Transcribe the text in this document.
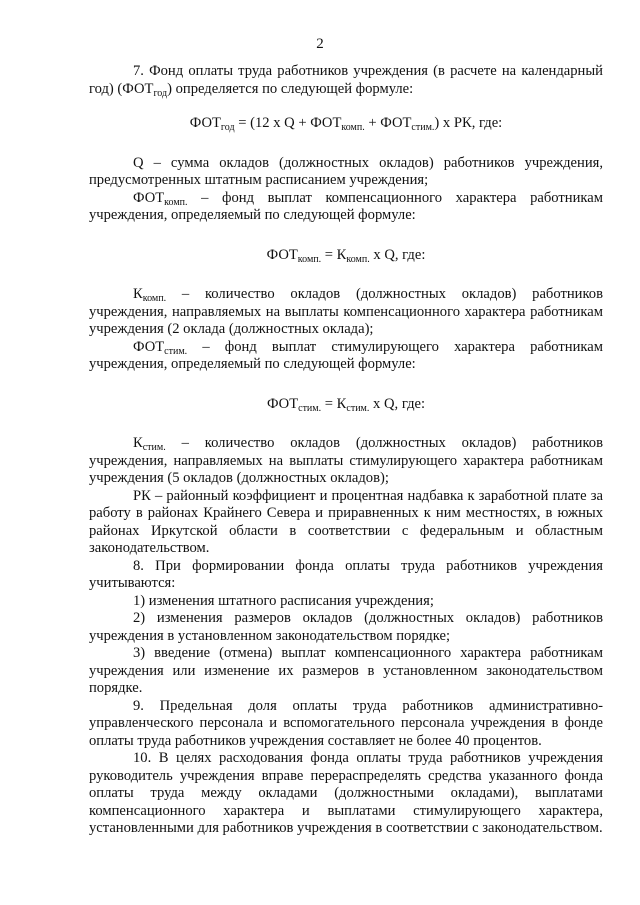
2

7. Фонд оплаты труда работников учреждения (в расчете на календарный год) $(ФОТ_{год})$ определяется по следующей формуле:

$ФОТ_{год} = (12$ x $Q + ФОТ_{комп.} + ФОТ_{стим.}$) x РК, где:

Q – сумма окладов (должностных окладов) работников учреждения, предусмотренных штатным расписанием учреждения;

$ФОТ_{комп.}$ – фонд выплат компенсационного характера работникам учреждения, определяемый по следующей формуле:

$ФОТ_{комп.} = К_{комп.}$ x Q, где:

$К_{комп.}$ – количество окладов (должностных окладов) работников учреждения, направляемых на выплаты компенсационного характера работникам учреждения (2 оклада (должностных оклада);

$ФОТ_{стим.}$ – фонд выплат стимулирующего характера работникам учреждения, определяемый по следующей формуле:

$ФОТ_{стим.} = К_{стим.}$ x Q, где:

$К_{стим.}$ – количество окладов (должностных окладов) работников учреждения, направляемых на выплаты стимулирующего характера работникам учреждения (5 окладов (должностных окладов);

РК – районный коэффициент и процентная надбавка к заработной плате за работу в районах Крайнего Севера и приравненных к ним местностях, в южных районах Иркутской области в соответствии с федеральным и областным законодательством.

8. При формировании фонда оплаты труда работников учреждения учитываются:

1) изменения штатного расписания учреждения;

2) изменения размеров окладов (должностных окладов) работников учреждения в установленном законодательством порядке;

3) введение (отмена) выплат компенсационного характера работникам учреждения или изменение их размеров в установленном законодательством порядке.

9. Предельная доля оплаты труда работников административно-управленческого персонала и вспомогательного персонала учреждения в фонде оплаты труда работников учреждения составляет не более 40 процентов.

10. В целях расходования фонда оплаты труда работников учреждения руководитель учреждения вправе перераспределять средства указанного фонда оплаты труда между окладами (должностными окладами), выплатами компенсационного характера и выплатами стимулирующего характера, установленными для работников учреждения в соответствии с законодательством.
